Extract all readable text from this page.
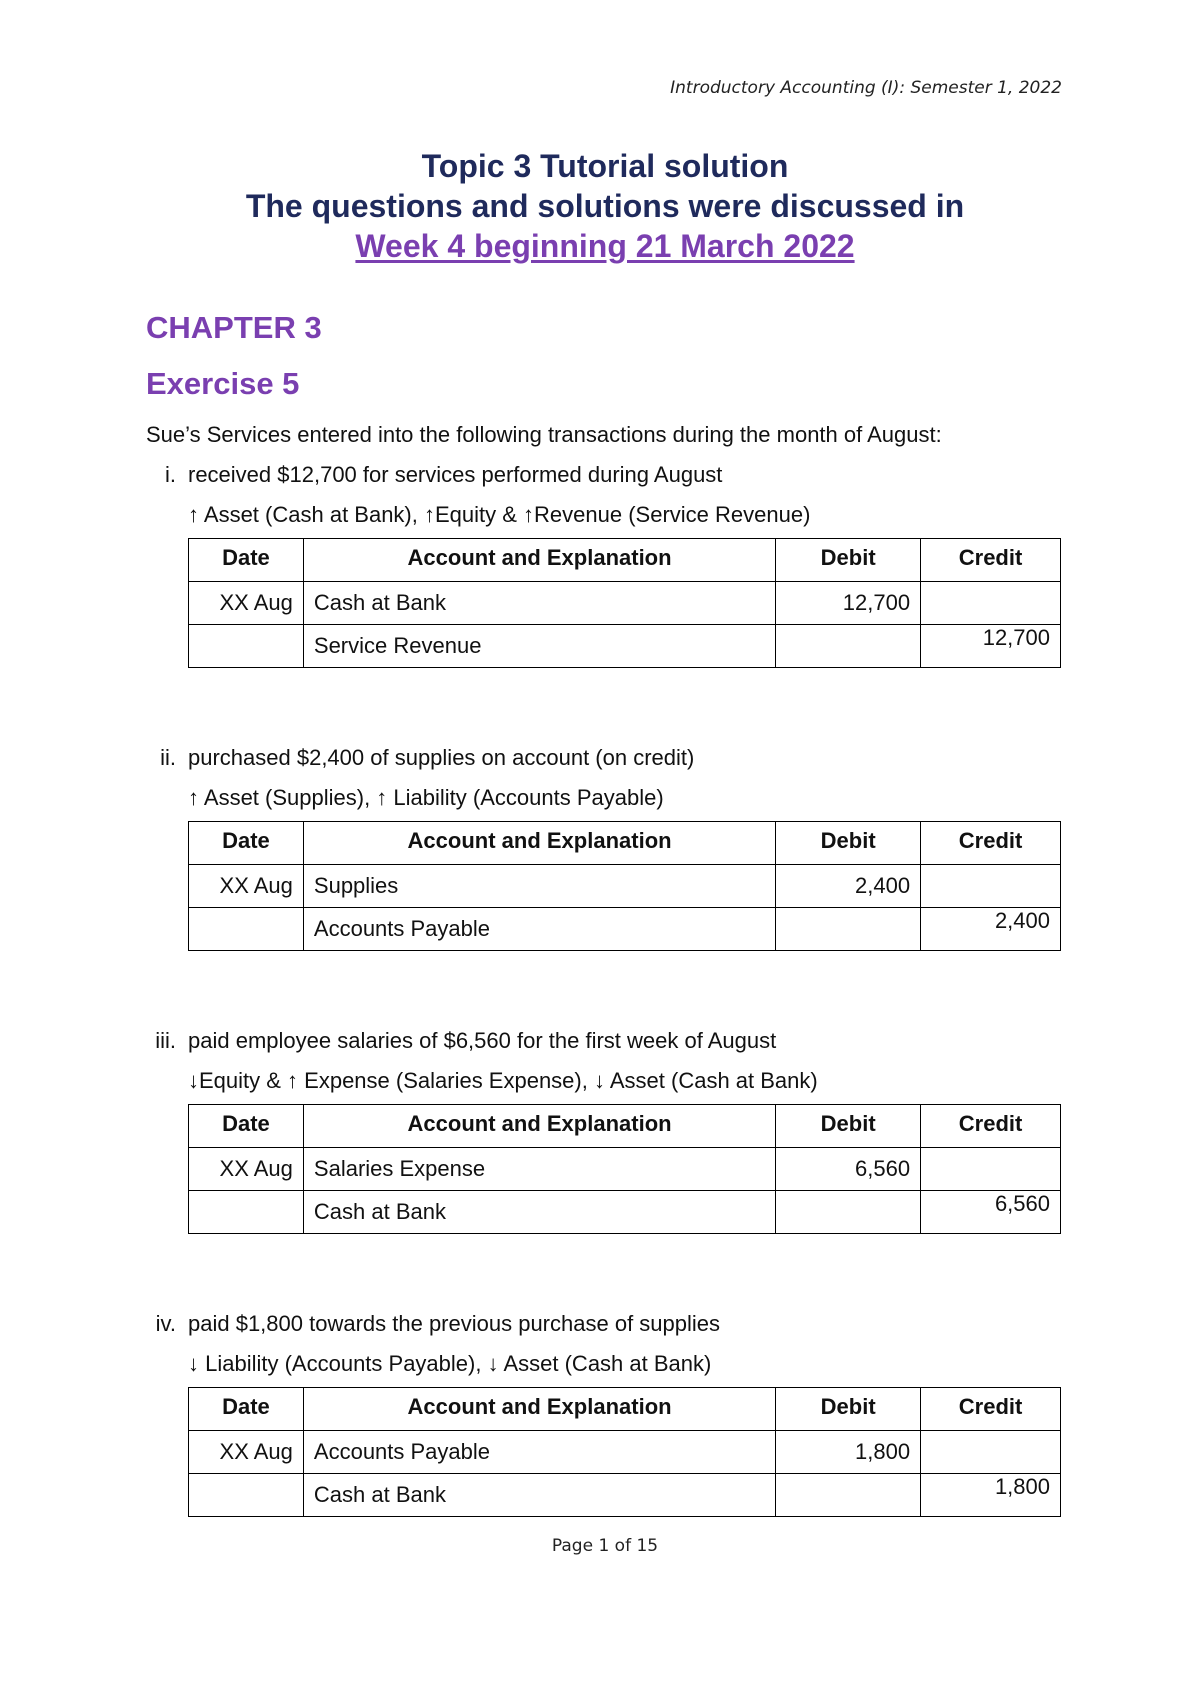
Introductory Accounting (I): Semester 1, 2022
Topic 3 Tutorial solution
The questions and solutions were discussed in
Week 4 beginning 21 March 2022
CHAPTER 3
Exercise 5
Sue’s Services entered into the following transactions during the month of August:
i. received $12,700 for services performed during August
↑ Asset (Cash at Bank), ↑Equity & ↑Revenue (Service Revenue)
Date	Account and Explanation	Debit	Credit
XX Aug	Cash at Bank	12,700	
	Service Revenue		12,700
ii. purchased $2,400 of supplies on account (on credit)
↑ Asset (Supplies), ↑ Liability (Accounts Payable)
Date	Account and Explanation	Debit	Credit
XX Aug	Supplies	2,400	
	Accounts Payable		2,400
iii. paid employee salaries of $6,560 for the first week of August
↓Equity & ↑ Expense (Salaries Expense), ↓ Asset (Cash at Bank)
Date	Account and Explanation	Debit	Credit
XX Aug	Salaries Expense	6,560	
	Cash at Bank		6,560
iv. paid $1,800 towards the previous purchase of supplies
↓ Liability (Accounts Payable), ↓ Asset (Cash at Bank)
Date	Account and Explanation	Debit	Credit
XX Aug	Accounts Payable	1,800	
	Cash at Bank		1,800
Page 1 of 15
